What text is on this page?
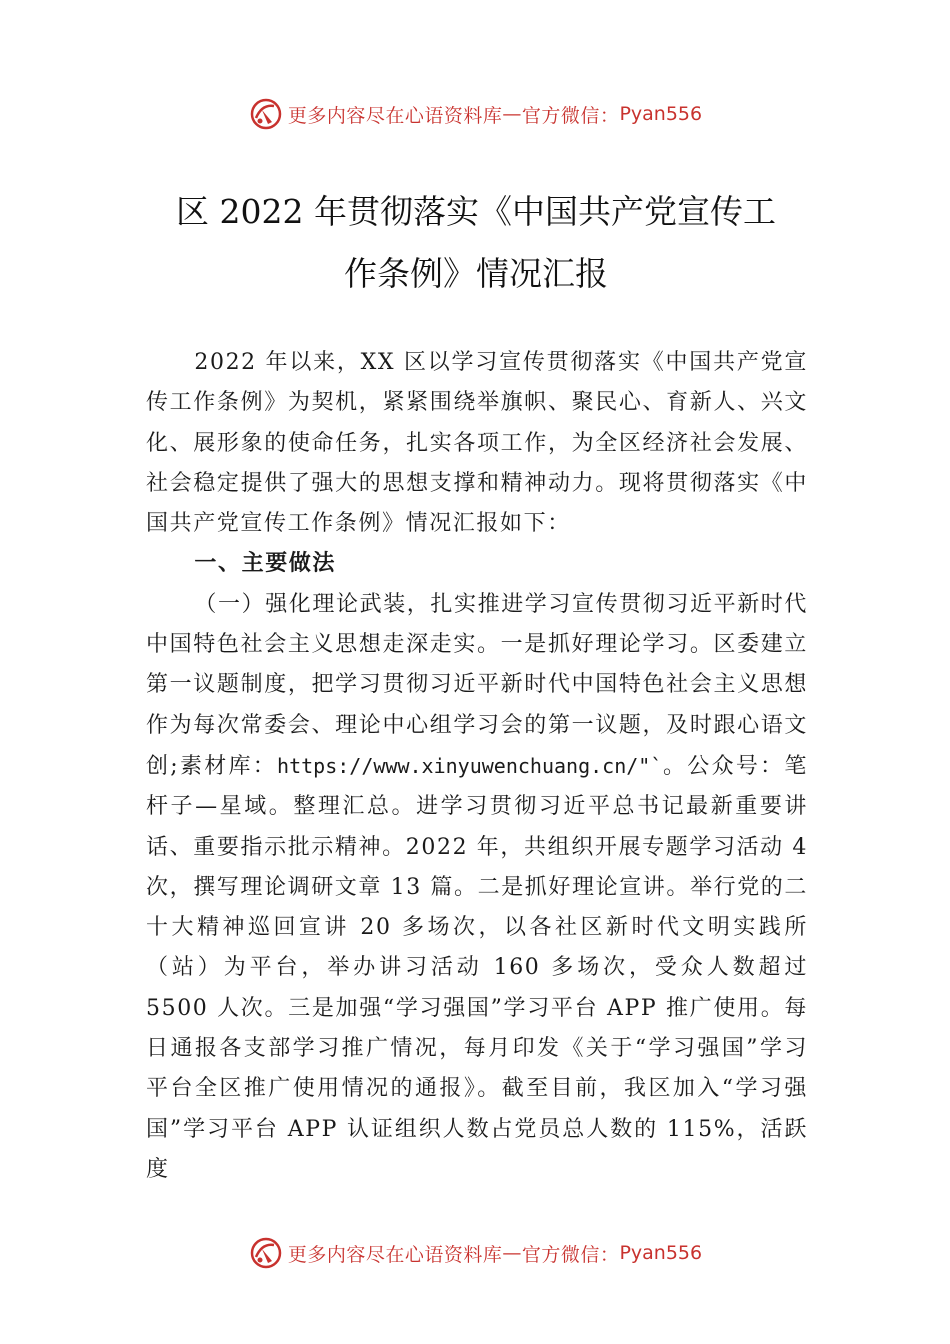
更多内容尽在心语资料库 — 官方微信： Pyan556
区 2022 年贯彻落实《中国共产党宣传工
作条例》情况汇报

2022 年以来，XX 区以学习宣传贯彻落实《中国共产党宣传工作条例》为契机，紧紧围绕举旗帜、聚民心、育新人、兴文化、展形象的使命任务，扎实各项工作，为全区经济社会发展、社会稳定提供了强大的思想支撑和精神动力。现将贯彻落实《中国共产党宣传工作条例》情况汇报如下：

一、主要做法

（一）强化理论武装，扎实推进学习宣传贯彻习近平新时代中国特色社会主义思想走深走实。一是抓好理论学习。区委建立第一议题制度，把学习贯彻习近平新时代中国特色社会主义思想作为每次常委会、理论中心组学习会的第一议题，及时跟心语文创;素材库：https://www.xinyuwenchuang.cn/"`。公众号：笔杆子—星域。整理汇总。进学习贯彻习近平总书记最新重要讲话、重要指示批示精神。2022 年，共组织开展专题学习活动 4 次，撰写理论调研文章 13 篇。二是抓好理论宣讲。举行党的二十大精神巡回宣讲 20 多场次，以各社区新时代文明实践所（站）为平台，举办讲习活动 160 多场次，受众人数超过 5500 人次。三是加强“学习强国”学习平台 APP 推广使用。每日通报各支部学习推广情况，每月印发《关于“学习强国”学习平台全区推广使用情况的通报》。截至目前，我区加入“学习强国”学习平台 APP 认证组织人数占党员总人数的 115%，活跃度

更多内容尽在心语资料库 — 官方微信： Pyan556
